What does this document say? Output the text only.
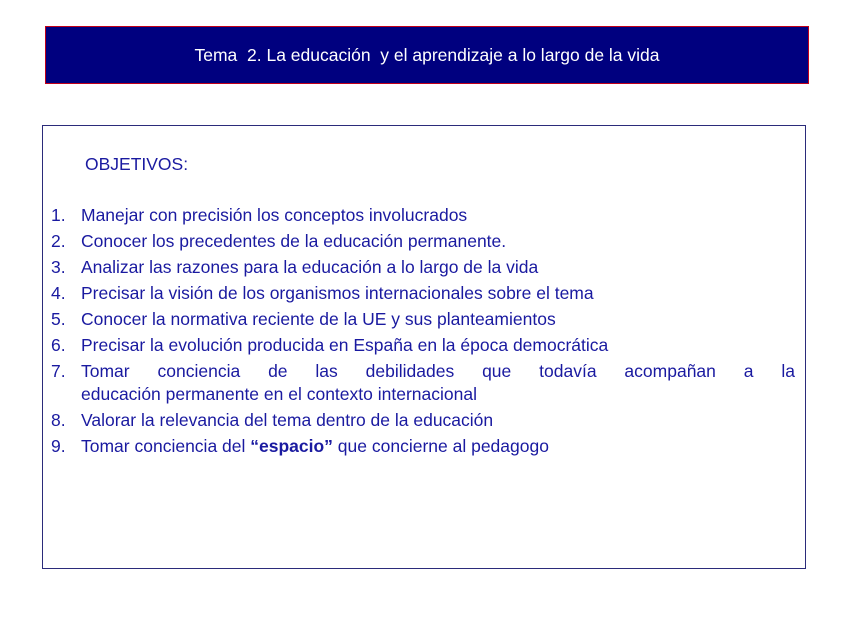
Tema  2. La educación  y el aprendizaje a lo largo de la vida
OBJETIVOS:
1. Manejar con precisión los conceptos involucrados
2. Conocer los precedentes de la educación permanente.
3. Analizar las razones para la educación a lo largo de la vida
4. Precisar la visión de los organismos internacionales sobre el tema
5. Conocer la normativa reciente de la UE y sus planteamientos
6. Precisar la evolución producida en España en la época democrática
7. Tomar conciencia de las debilidades que todavía acompañan a la
educación permanente en el contexto internacional
8. Valorar la relevancia del tema dentro de la educación
9. Tomar conciencia del “espacio” que concierne al pedagogo
